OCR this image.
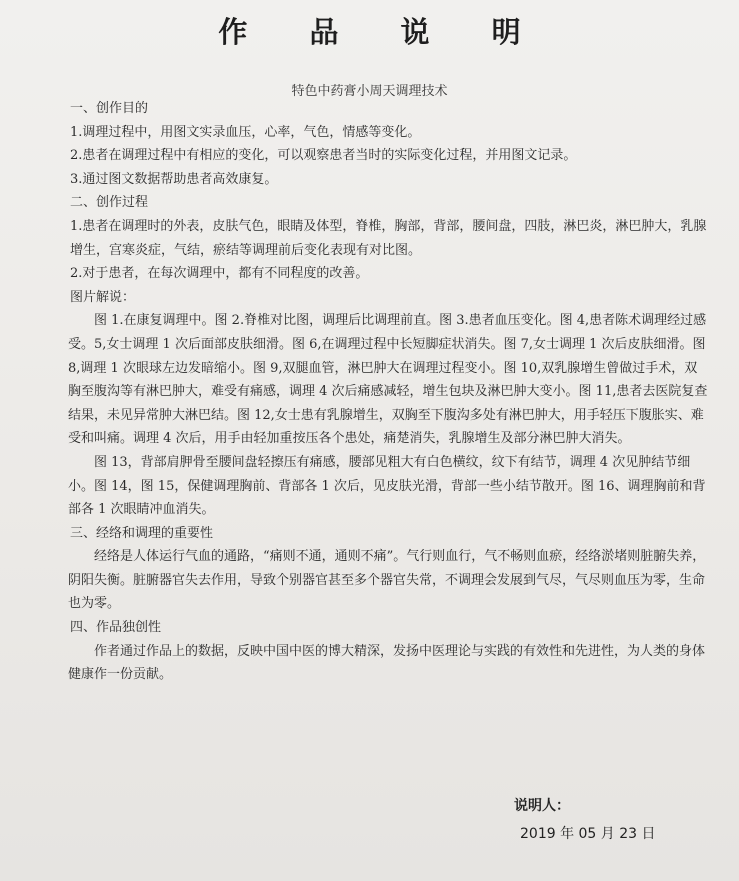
作 品 说 明
特色中药膏小周天调理技术

一、创作目的

1.调理过程中，用图文实录血压，心率，气色，情感等变化。

2.患者在调理过程中有相应的变化，可以观察患者当时的实际变化过程，并用图文记录。

3.通过图文数据帮助患者高效康复。

二、创作过程

1.患者在调理时的外表，皮肤气色，眼睛及体型，脊椎，胸部，背部，腰间盘，四肢，淋巴炎，淋巴肿大，乳腺增生，宫寒炎症，气结，瘀结等调理前后变化表现有对比图。

2.对于患者，在每次调理中，都有不同程度的改善。

图片解说：

图 1.在康复调理中。图 2.脊椎对比图，调理后比调理前直。图 3.患者血压变化。图 4,患者陈术调理经过感受。5,女士调理 1 次后面部皮肤细滑。图 6,在调理过程中长短脚症状消失。图 7,女士调理 1 次后皮肤细滑。图 8,调理 1 次眼球左边发暗缩小。图 9,双腿血管，淋巴肿大在调理过程变小。图 10,双乳腺增生曾做过手术，双胸至腹沟等有淋巴肿大，难受有痛感，调理 4 次后痛感减轻，增生包块及淋巴肿大变小。图 11,患者去医院复查结果，未见异常肿大淋巴结。图 12,女士患有乳腺增生，双胸至下腹沟多处有淋巴肿大，用手轻压下腹胀实、难受和叫痛。调理 4 次后，用手由轻加重按压各个患处，痛楚消失，乳腺增生及部分淋巴肿大消失。

图 13，背部肩胛骨至腰间盘轻擦压有痛感，腰部见粗大有白色横纹，纹下有结节，调理 4 次见肿结节细小。图 14，图 15，保健调理胸前、背部各 1 次后，见皮肤光滑，背部一些小结节散开。图 16、调理胸前和背部各 1 次眼睛冲血消失。

三、经络和调理的重要性

经络是人体运行气血的通路，“痛则不通，通则不痛”。气行则血行，气不畅则血瘀，经络淤堵则脏腑失养，阴阳失衡。脏腑器官失去作用，导致个别器官甚至多个器官失常，不调理会发展到气尽，气尽则血压为零，生命也为零。

四、作品独创性

作者通过作品上的数据，反映中国中医的博大精深，发扬中医理论与实践的有效性和先进性，为人类的身体健康作一份贡献。

说明人：
2019 年 05 月 23 日
